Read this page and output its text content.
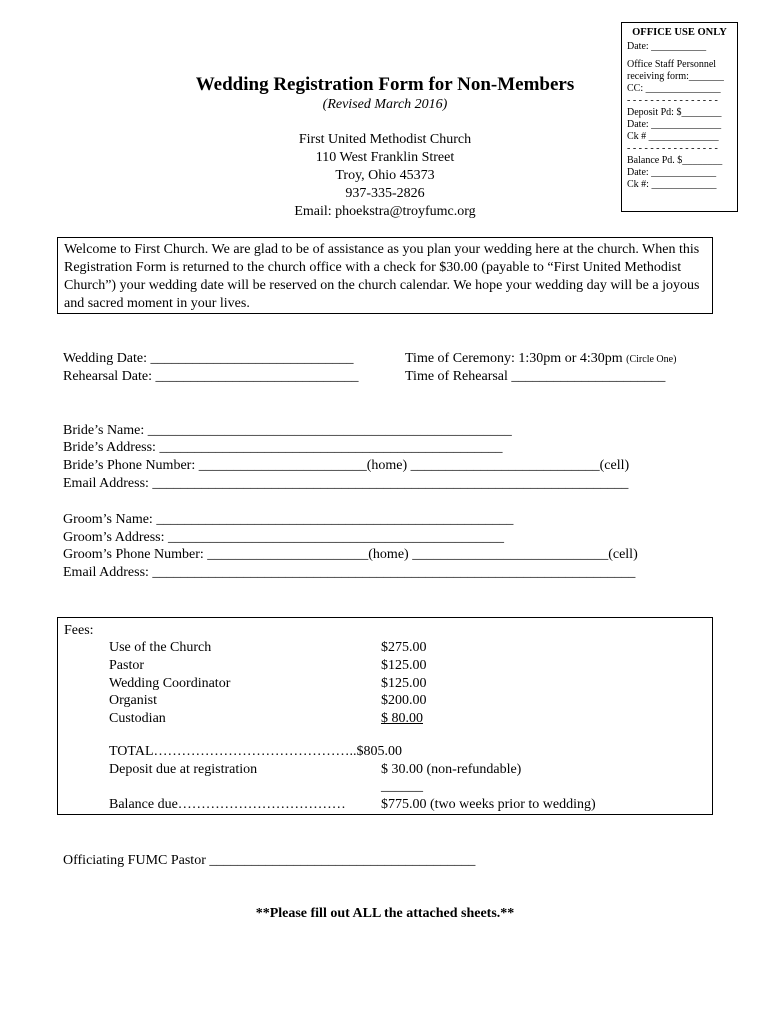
OFFICE USE ONLY
Date: ___________
Office Staff Personnel
receiving form:_______
CC: _______________
- - - - - - - - - - - - - - - -
Deposit Pd: $________
Date: ______________
Ck # ______________
- - - - - - - - - - - - - - - -
Balance Pd. $________
Date: _____________
Ck #: _____________
Wedding Registration Form for Non-Members
(Revised March 2016)
First United Methodist Church
110 West Franklin Street
Troy, Ohio 45373
937-335-2826
Email: phoekstra@troyfumc.org
Welcome to First Church. We are glad to be of assistance as you plan your wedding here at the church. When this Registration Form is returned to the church office with a check for $30.00 (payable to “First United Methodist Church”) your wedding date will be reserved on the church calendar. We hope your wedding day will be a joyous and sacred moment in your lives.
Wedding Date: _____________________________
Rehearsal Date: _____________________________
Time of Ceremony: 1:30pm or 4:30pm (Circle One)
Time of Rehearsal ______________________
Bride’s Name: ____________________________________________________
Bride’s Address: _________________________________________________
Bride’s Phone Number: ________________________(home) ___________________________(cell)
Email Address: ____________________________________________________________________
Groom’s Name: ___________________________________________________
Groom’s Address: ________________________________________________
Groom’s Phone Number: _______________________(home) ____________________________(cell)
Email Address: _____________________________________________________________________
Fees:
Use of the Church	$275.00
Pastor	$125.00
Wedding Coordinator	$125.00
Organist	$200.00
Custodian	$ 80.00
TOTAL……………………………………..$805.00
Deposit due at registration	$ 30.00 (non-refundable)
______
Balance due………………………………	$775.00 (two weeks prior to wedding)
Officiating FUMC Pastor ______________________________________
**Please fill out ALL the attached sheets.**
